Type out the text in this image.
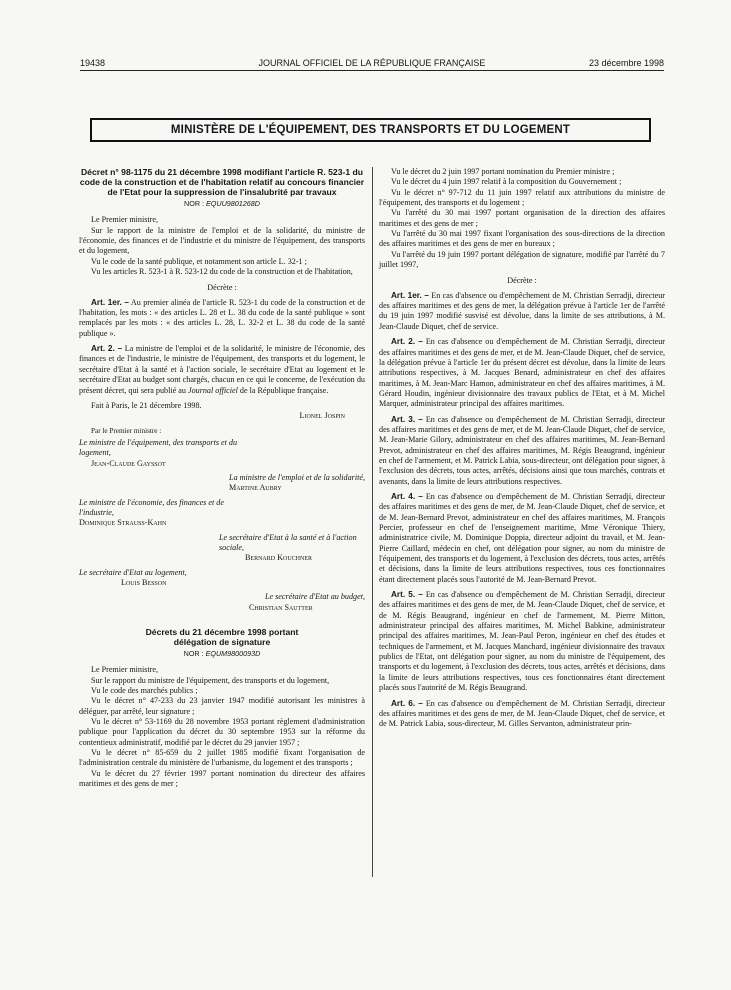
19438	JOURNAL OFFICIEL DE LA RÉPUBLIQUE FRANÇAISE	23 décembre 1998
MINISTÈRE DE L'ÉQUIPEMENT, DES TRANSPORTS ET DU LOGEMENT

Décret n° 98-1175 du 21 décembre 1998 modifiant l'article R. 523-1 du code de la construction et de l'habitation relatif au concours financier de l'Etat pour la suppression de l'insalubrité par travaux

NOR : EQUU9801268D

Le Premier ministre,

Sur le rapport de la ministre de l'emploi et de la solidarité, du ministre de l'économie, des finances et de l'industrie et du ministre de l'équipement, des transports et du logement,

Vu le code de la santé publique, et notamment son article L. 32-1 ;

Vu les articles R. 523-1 à R. 523-12 du code de la construction et de l'habitation,

Décrète :

Art. 1er. – Au premier alinéa de l'article R. 523-1 du code de la construction et de l'habitation, les mots : « des articles L. 28 et L. 38 du code de la santé publique » sont remplacés par les mots : « des articles L. 28, L. 32-2 et L. 38 du code de la santé publique ».

Art. 2. – La ministre de l'emploi et de la solidarité, le ministre de l'économie, des finances et de l'industrie, le ministre de l'équipement, des transports et du logement, le secrétaire d'Etat à la santé et à l'action sociale, le secrétaire d'Etat au logement et le secrétaire d'Etat au budget sont chargés, chacun en ce qui le concerne, de l'exécution du présent décret, qui sera publié au Journal officiel de la République française.

Fait à Paris, le 21 décembre 1998.

Lionel Jospin

Par le Premier ministre :

Le ministre de l'équipement, des transports et du logement,

Jean-Claude Gayssot

La ministre de l'emploi et de la solidarité,

Martine Aubry

Le ministre de l'économie, des finances et de l'industrie,

Dominique Strauss-Kahn

Le secrétaire d'Etat à la santé et à l'action sociale,

Bernard Kouchner

Le secrétaire d'Etat au logement,

Louis Besson

Le secrétaire d'Etat au budget,

Christian Sautter

Décrets du 21 décembre 1998 portant délégation de signature

NOR : EQUM9800093D

Le Premier ministre,

Sur le rapport du ministre de l'équipement, des transports et du logement,

Vu le code des marchés publics ;

Vu le décret n° 47-233 du 23 janvier 1947 modifié autorisant les ministres à déléguer, par arrêté, leur signature ;

Vu le décret n° 53-1169 du 28 novembre 1953 portant règlement d'administration publique pour l'application du décret du 30 septembre 1953 sur la réforme du contentieux administratif, modifié par le décret du 29 janvier 1957 ;

Vu le décret n° 85-659 du 2 juillet 1985 modifié fixant l'organisation de l'administration centrale du ministère de l'urbanisme, du logement et des transports ;

Vu le décret du 27 février 1997 portant nomination du directeur des affaires maritimes et des gens de mer ;

Vu le décret du 2 juin 1997 portant nomination du Premier ministre ;

Vu le décret du 4 juin 1997 relatif à la composition du Gouvernement ;

Vu le décret n° 97-712 du 11 juin 1997 relatif aux attributions du ministre de l'équipement, des transports et du logement ;

Vu l'arrêté du 30 mai 1997 portant organisation de la direction des affaires maritimes et des gens de mer ;

Vu l'arrêté du 30 mai 1997 fixant l'organisation des sous-directions de la direction des affaires maritimes et des gens de mer en bureaux ;

Vu l'arrêté du 19 juin 1997 portant délégation de signature, modifié par l'arrêté du 7 juillet 1997,

Décrète :

Art. 1er. – En cas d'absence ou d'empêchement de M. Christian Serradji, directeur des affaires maritimes et des gens de mer, la délégation prévue à l'article 1er de l'arrêté du 19 juin 1997 modifié susvisé est dévolue, dans la limite de ses attributions, à M. Jean-Claude Diquet, chef de service.

Art. 2. – En cas d'absence ou d'empêchement de M. Christian Serradji, directeur des affaires maritimes et des gens de mer, et de M. Jean-Claude Diquet, chef de service, la délégation prévue à l'article 1er du présent décret est dévolue, dans la limite de leurs attributions respectives, à M. Jacques Benard, administrateur en chef des affaires maritimes, à M. Jean-Marc Hamon, administrateur en chef des affaires maritimes, à M. Gérard Houdin, ingénieur divisionnaire des travaux publics de l'Etat, et à M. Michel Marquer, administrateur principal des affaires maritimes.

Art. 3. – En cas d'absence ou d'empêchement de M. Christian Serradji, directeur des affaires maritimes et des gens de mer, et de M. Jean-Claude Diquet, chef de service, M. Jean-Marie Gilory, administrateur en chef des affaires maritimes, M. Jean-Bernard Prevot, administrateur en chef des affaires maritimes, M. Régis Beaugrand, ingénieur en chef de l'armement, et M. Patrick Labia, sous-directeur, ont délégation pour signer, à l'exclusion des décrets, tous actes, arrêtés, décisions ainsi que tous marchés, contrats et avenants, dans la limite de leurs attributions respectives.

Art. 4. – En cas d'absence ou d'empêchement de M. Christian Serradji, directeur des affaires maritimes et des gens de mer, de M. Jean-Claude Diquet, chef de service, et de M. Jean-Bernard Prevot, administrateur en chef des affaires maritimes, M. François Percier, professeur en chef de l'enseignement maritime, Mme Véronique Thiery, administratrice civile, M. Dominique Doppia, directeur adjoint du travail, et M. Jean-Pierre Caillard, médecin en chef, ont délégation pour signer, au nom du ministre de l'équipement, des transports et du logement, à l'exclusion des décrets, tous actes, arrêtés et décisions, dans la limite de leurs attributions respectives, tous ces fonctionnaires étant directement placés sous l'autorité de M. Jean-Bernard Prevot.

Art. 5. – En cas d'absence ou d'empêchement de M. Christian Serradji, directeur des affaires maritimes et des gens de mer, de M. Jean-Claude Diquet, chef de service, et de M. Régis Beaugrand, ingénieur en chef de l'armement, M. Pierre Mitton, administrateur principal des affaires maritimes, M. Michel Babkine, administrateur principal des affaires maritimes, M. Jean-Paul Peron, ingénieur en chef des études et techniques de l'armement, et M. Jacques Manchard, ingénieur divisionnaire des travaux publics de l'Etat, ont délégation pour signer, au nom du ministre de l'équipement, des transports et du logement, à l'exclusion des décrets, tous actes, arrêtés et décisions, dans la limite de leurs attributions respectives, tous ces fonctionnaires étant directement placés sous l'autorité de M. Régis Beaugrand.

Art. 6. – En cas d'absence ou d'empêchement de M. Christian Serradji, directeur des affaires maritimes et des gens de mer, de M. Jean-Claude Diquet, chef de service, et de M. Patrick Labia, sous-directeur, M. Gilles Servanton, administrateur prin-
